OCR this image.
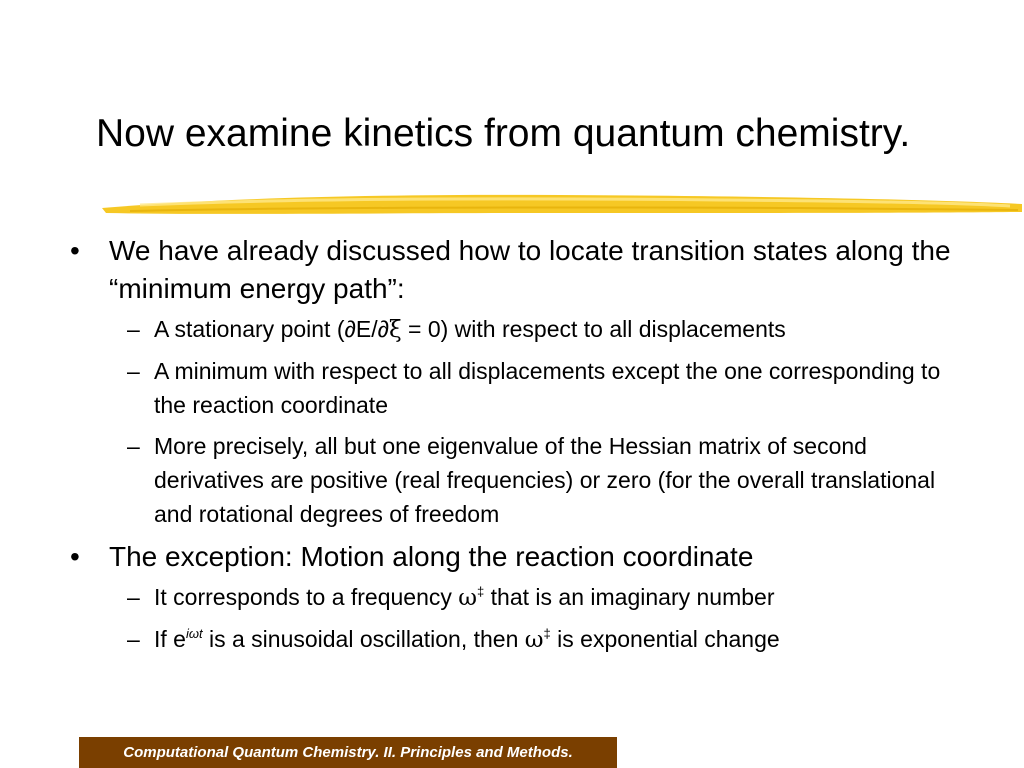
Now examine kinetics from quantum chemistry.
• We have already discussed how to locate transition states along the “minimum energy path”:
– A stationary point (∂E/∂ξ = 0) with respect to all displacements
– A minimum with respect to all displacements except the one corresponding to the reaction coordinate
– More precisely, all but one eigenvalue of the Hessian matrix of second derivatives are positive (real frequencies) or zero (for the overall translational and rotational degrees of freedom
• The exception: Motion along the reaction coordinate
– It corresponds to a frequency ω‡ that is an imaginary number
– If $e^{i\omega t}$ is a sinusoidal oscillation, then ω‡ is exponential change
Computational Quantum Chemistry. II. Principles and Methods.
